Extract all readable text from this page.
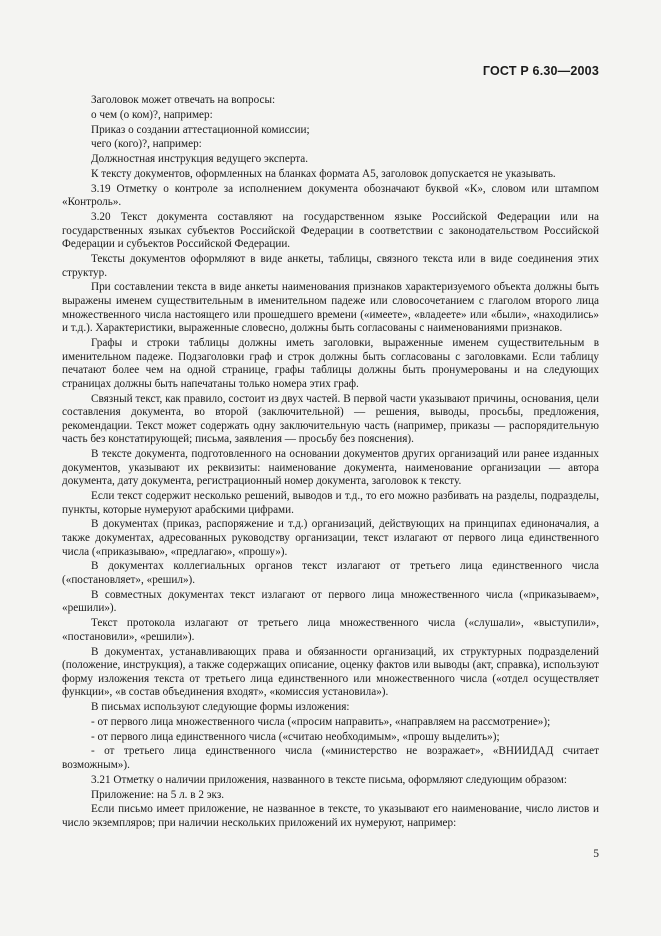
ГОСТ Р 6.30—2003

Заголовок может отвечать на вопросы:

о чем (о ком)?, например:

Приказ о создании аттестационной комиссии;

чего (кого)?, например:

Должностная инструкция ведущего эксперта.

К тексту документов, оформленных на бланках формата А5, заголовок допускается не указывать.

3.19 Отметку о контроле за исполнением документа обозначают буквой «К», словом или штампом «Контроль».

3.20 Текст документа составляют на государственном языке Российской Федерации или на государственных языках субъектов Российской Федерации в соответствии с законодательством Российской Федерации и субъектов Российской Федерации.

Тексты документов оформляют в виде анкеты, таблицы, связного текста или в виде соединения этих структур.

При составлении текста в виде анкеты наименования признаков характеризуемого объекта должны быть выражены именем существительным в именительном падеже или словосочетанием с глаголом второго лица множественного числа настоящего или прошедшего времени («имеете», «владеете» или «были», «находились» и т.д.). Характеристики, выраженные словесно, должны быть согласованы с наименованиями признаков.

Графы и строки таблицы должны иметь заголовки, выраженные именем существительным в именительном падеже. Подзаголовки граф и строк должны быть согласованы с заголовками. Если таблицу печатают более чем на одной странице, графы таблицы должны быть пронумерованы и на следующих страницах должны быть напечатаны только номера этих граф.

Связный текст, как правило, состоит из двух частей. В первой части указывают причины, основания, цели составления документа, во второй (заключительной) — решения, выводы, просьбы, предложения, рекомендации. Текст может содержать одну заключительную часть (например, приказы — распорядительную часть без констатирующей; письма, заявления — просьбу без пояснения).

В тексте документа, подготовленного на основании документов других организаций или ранее изданных документов, указывают их реквизиты: наименование документа, наименование организации — автора документа, дату документа, регистрационный номер документа, заголовок к тексту.

Если текст содержит несколько решений, выводов и т.д., то его можно разбивать на разделы, подразделы, пункты, которые нумеруют арабскими цифрами.

В документах (приказ, распоряжение и т.д.) организаций, действующих на принципах единоначалия, а также документах, адресованных руководству организации, текст излагают от первого лица единственного числа («приказываю», «предлагаю», «прошу»).

В документах коллегиальных органов текст излагают от третьего лица единственного числа («постановляет», «решил»).

В совместных документах текст излагают от первого лица множественного числа («приказываем», «решили»).

Текст протокола излагают от третьего лица множественного числа («слушали», «выступили», «постановили», «решили»).

В документах, устанавливающих права и обязанности организаций, их структурных подразделений (положение, инструкция), а также содержащих описание, оценку фактов или выводы (акт, справка), используют форму изложения текста от третьего лица единственного или множественного числа («отдел осуществляет функции», «в состав объединения входят», «комиссия установила»).

В письмах используют следующие формы изложения:

- от первого лица множественного числа («просим направить», «направляем на рассмотрение»);

- от первого лица единственного числа («считаю необходимым», «прошу выделить»);

- от третьего лица единственного числа («министерство не возражает», «ВНИИДАД считает возможным»).

3.21 Отметку о наличии приложения, названного в тексте письма, оформляют следующим образом:

Приложение: на 5 л. в 2 экз.

Если письмо имеет приложение, не названное в тексте, то указывают его наименование, число листов и число экземпляров; при наличии нескольких приложений их нумеруют, например:

5
